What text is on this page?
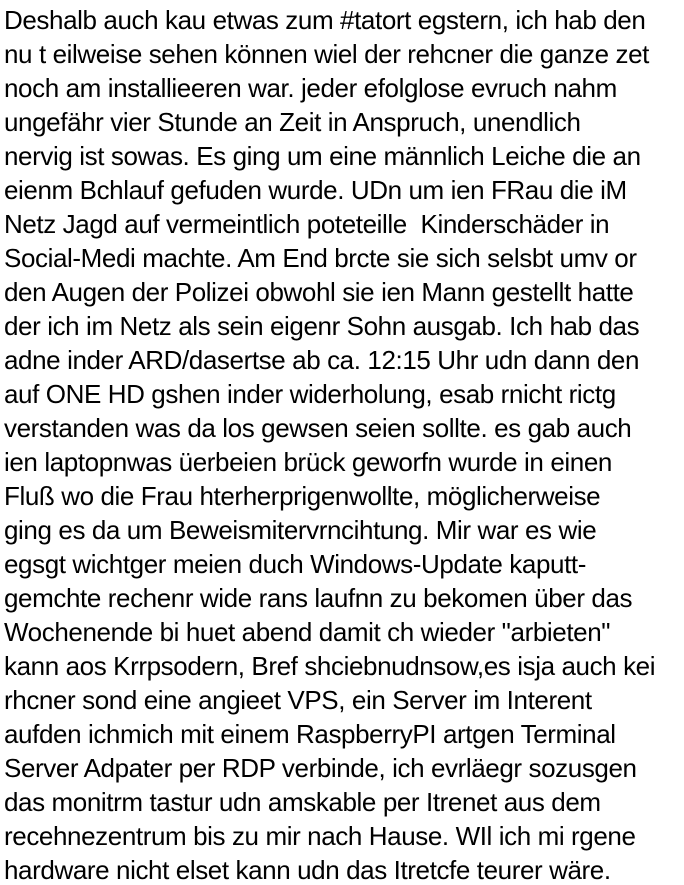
Deshalb auch kau etwas zum #tatort egstern, ich hab den
nu t eilweise sehen können wiel der rehcner die ganze zet
noch am installieeren war. jeder efolglose evruch nahm
ungefähr vier Stunde an Zeit in Anspruch, unendlich
nervig ist sowas. Es ging um eine männlich Leiche die an
eienm Bchlauf gefuden wurde. UDn um ien FRau die iM
Netz Jagd auf vermeintlich poteteille  Kinderschäder in
Social-Medi machte. Am End brcte sie sich selsbt umv or
den Augen der Polizei obwohl sie ien Mann gestellt hatte
der ich im Netz als sein eigenr Sohn ausgab. Ich hab das
adne inder ARD/dasertse ab ca. 12:15 Uhr udn dann den
auf ONE HD gshen inder widerholung, esab rnicht rictg
verstanden was da los gewsen seien sollte. es gab auch
ien laptopnwas üerbeien brück geworfn wurde in einen
Fluß wo die Frau hterherprigenwollte, möglicherweise
ging es da um Beweismitervrncihtung. Mir war es wie
egsgt wichtger meien duch Windows-Update kaputt-
gemchte rechenr wide rans laufnn zu bekomen über das
Wochenende bi huet abend damit ch wieder "arbieten"
kann aos Krrpsodern, Bref shciebnudnsow,es isja auch kei
rhcner sond eine angieet VPS, ein Server im Interent
aufden ichmich mit einem RaspberryPI artgen Terminal
Server Adpater per RDP verbinde, ich evrläegr sozusgen
das monitrm tastur udn amskable per Itrenet aus dem
recehnezentrum bis zu mir nach Hause. WIl ich mi rgene
hardware nicht elset kann udn das Itretcfe teurer wäre.
